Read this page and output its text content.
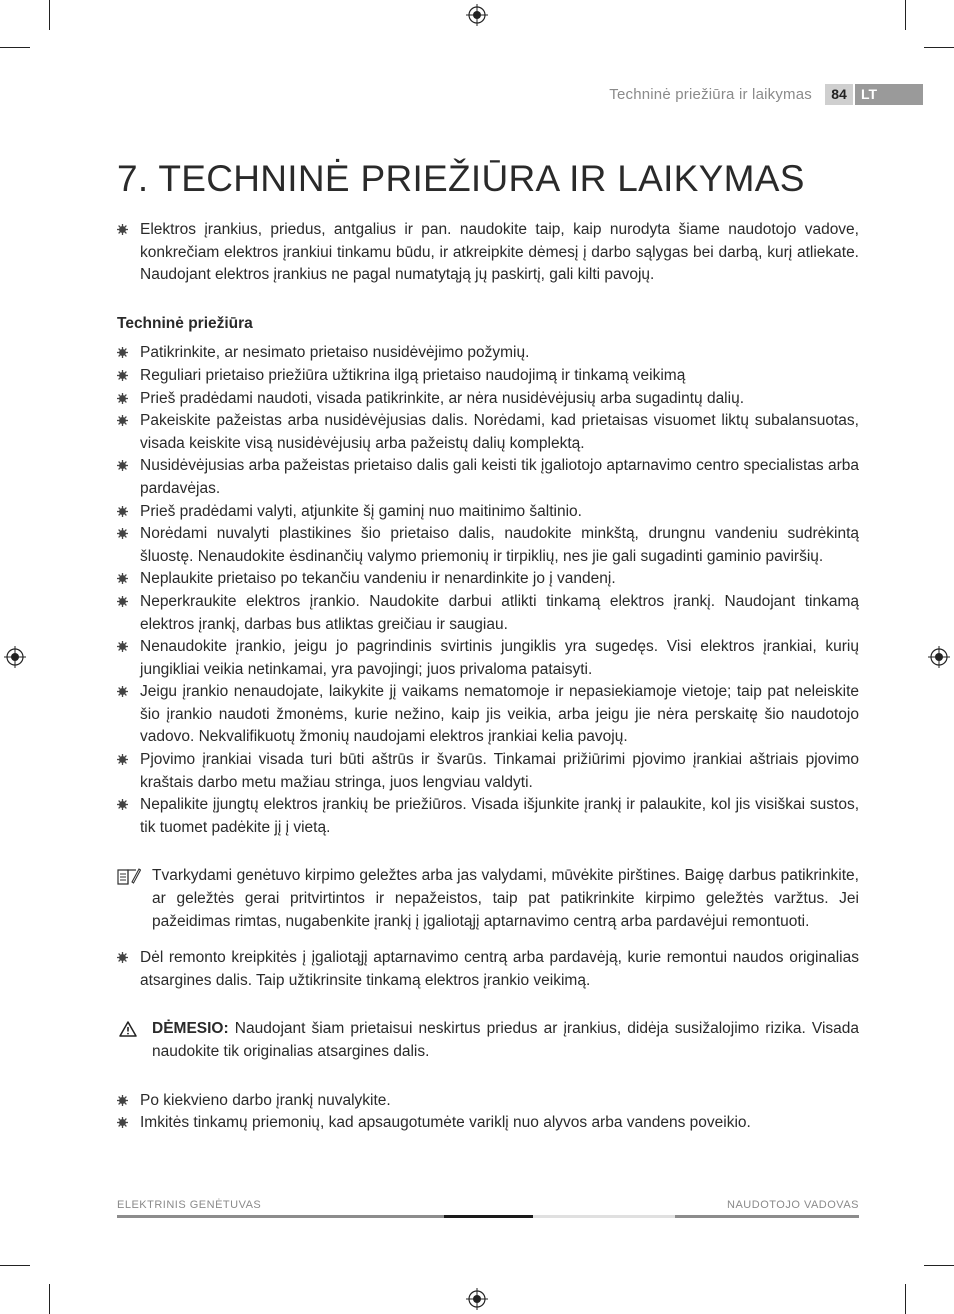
Techninė priežiūra ir laikymas	84	LT
7. TECHNINĖ PRIEŽIŪRA IR LAIKYMAS
Elektros įrankius, priedus, antgalius ir pan. naudokite taip, kaip nurodyta šiame naudotojo vadove, konkrečiam elektros įrankiui tinkamu būdu, ir atkreipkite dėmesį į darbo sąlygas bei darbą, kurį atliekate. Naudojant elektros įrankius ne pagal numatytąją jų paskirtį, gali kilti pavojų.
Techninė priežiūra
Patikrinkite, ar nesimato prietaiso nusidėvėjimo požymių.
Reguliari prietaiso priežiūra užtikrina ilgą prietaiso naudojimą ir tinkamą veikimą
Prieš pradėdami naudoti, visada patikrinkite, ar nėra nusidėvėjusių arba sugadintų dalių.
Pakeiskite pažeistas arba nusidėvėjusias dalis. Norėdami, kad prietaisas visuomet liktų subalansuotas, visada keiskite visą nusidėvėjusių arba pažeistų dalių komplektą.
Nusidėvėjusias arba pažeistas prietaiso dalis gali keisti tik įgaliotojo aptarnavimo centro specialistas arba pardavėjas.
Prieš pradėdami valyti, atjunkite šį gaminį nuo maitinimo šaltinio.
Norėdami nuvalyti plastikines šio prietaiso dalis, naudokite minkštą, drungnu vandeniu sudrėkintą šluostę. Nenaudokite ėsdinančių valymo priemonių ir tirpiklių, nes jie gali sugadinti gaminio paviršių.
Neplaukite prietaiso po tekančiu vandeniu ir nenardinkite jo į vandenį.
Neperkraukite elektros įrankio. Naudokite darbui atlikti tinkamą elektros įrankį. Naudojant tinkamą elektros įrankį, darbas bus atliktas greičiau ir saugiau.
Nenaudokite įrankio, jeigu jo pagrindinis svirtinis jungiklis yra sugedęs. Visi elektros įrankiai, kurių jungikliai veikia netinkamai, yra pavojingi; juos privaloma pataisyti.
Jeigu įrankio nenaudojate, laikykite jį vaikams nematomoje ir nepasiekiamoje vietoje; taip pat neleiskite šio įrankio naudoti žmonėms, kurie nežino, kaip jis veikia, arba jeigu jie nėra perskaitę šio naudotojo vadovo. Nekvalifikuotų žmonių naudojami elektros įrankiai kelia pavojų.
Pjovimo įrankiai visada turi būti aštrūs ir švarūs. Tinkamai prižiūrimi pjovimo įrankiai aštriais pjovimo kraštais darbo metu mažiau stringa, juos lengviau valdyti.
Nepalikite įjungtų elektros įrankių be priežiūros. Visada išjunkite įrankį ir palaukite, kol jis visiškai sustos, tik tuomet padėkite jį į vietą.
Tvarkydami genėtuvo kirpimo geležtes arba jas valydami, mūvėkite pirštines. Baigę darbus patikrinkite, ar geležtės gerai pritvirtintos ir nepažeistos, taip pat patikrinkite kirpimo geležtės varžtus. Jei pažeidimas rimtas, nugabenkite įrankį į įgaliotąjį aptarnavimo centrą arba pardavėjui remontuoti.
Dėl remonto kreipkitės į įgaliotąjį aptarnavimo centrą arba pardavėją, kurie remontui naudos originalias atsargines dalis. Taip užtikrinsite tinkamą elektros įrankio veikimą.
DĖMESIO: Naudojant šiam prietaisui neskirtus priedus ar įrankius, didėja susižalojimo rizika. Visada naudokite tik originalias atsargines dalis.
Po kiekvieno darbo įrankį nuvalykite.
Imkitės tinkamų priemonių, kad apsaugotumėte variklį nuo alyvos arba vandens poveikio.
ELEKTRINIS GENĖTUVAS	NAUDOTOJO VADOVAS
